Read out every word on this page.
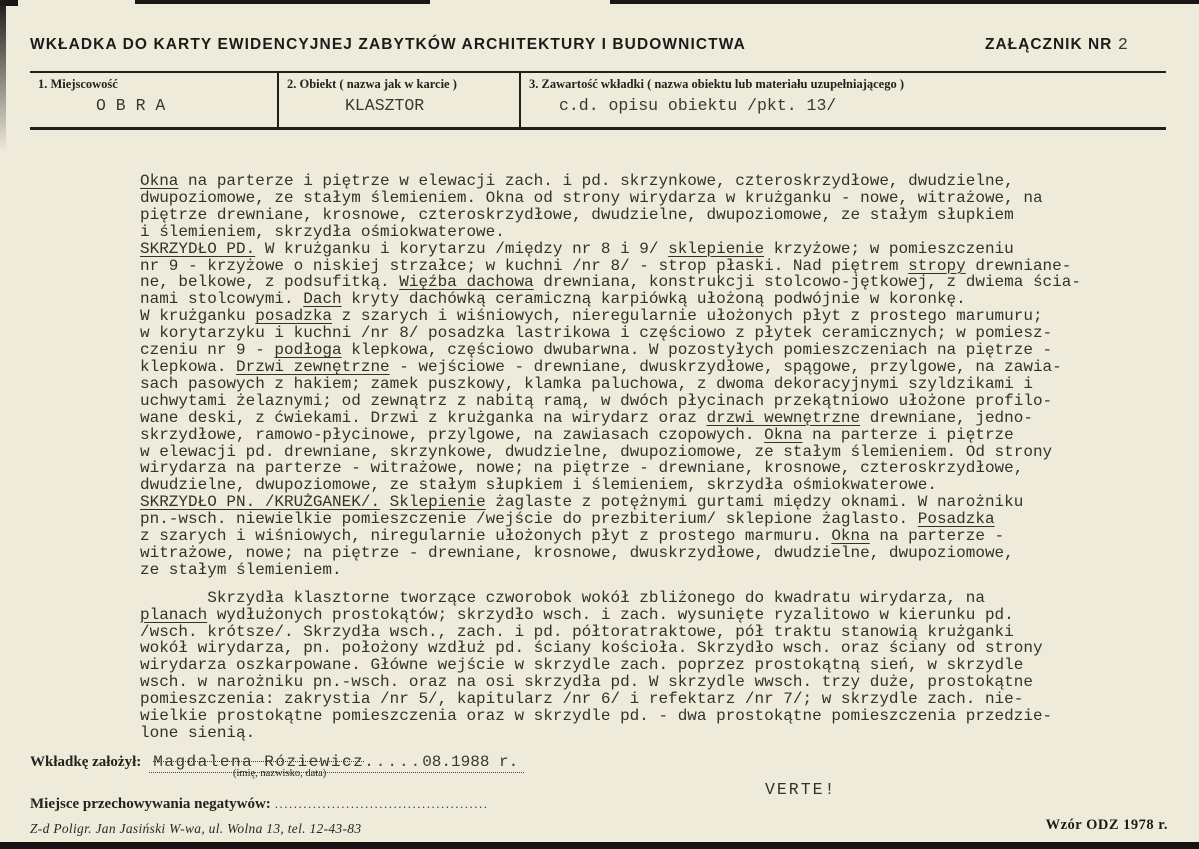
WKŁADKA DO KARTY EWIDENCYJNEJ ZABYTKÓW ARCHITEKTURY I BUDOWNICTWA	ZAŁĄCZNIK NR 2
1. Miejscowość
O B R A
2. Obiekt ( nazwa jak w karcie )
KLASZTOR
3. Zawartość wkładki ( nazwa obiektu lub materiału uzupełniającego )
c.d. opisu obiektu /pkt. 13/
Okna na parterze i piętrze w elewacji zach. i pd. skrzynkowe, czteroskrzydłowe, dwudzielne,
dwupoziomowe, ze stałym ślemieniem. Okna od strony wirydarza w krużganku - nowe, witrażowe, na
piętrze drewniane, krosnowe, czteroskrzydłowe, dwudzielne, dwupoziomowe, ze stałym słupkiem
i ślemieniem, skrzydła ośmiokwaterowe.
SKRZYDŁO PD. W krużganku i korytarzu /między nr 8 i 9/ sklepienie krzyżowe; w pomieszczeniu
nr 9 - krzyżowe o niskiej strzałce; w kuchni /nr 8/ - strop płaski. Nad piętrem stropy drewniane-
ne, belkowe, z podsufitką. Więźba dachowa drewniana, konstrukcji stolcowo-jętkowej, z dwiema ścia-
nami stolcowymi. Dach kryty dachówką ceramiczną karpiówką ułożoną podwójnie w koronkę.
W krużganku posadzka z szarych i wiśniowych, nieregularnie ułożonych płyt z prostego marumuru;
w korytarzyku i kuchni /nr 8/ posadzka lastrikowa i częściowo z płytek ceramicznych; w pomiesz-
czeniu nr 9 - podłoga klepkowa, częściowo dwubarwna. W pozostyłych pomieszczeniach na piętrze -
klepkowa. Drzwi zewnętrzne - wejściowe - drewniane, dwuskrzydłowe, spągowe, przylgowe, na zawia-
sach pasowych z hakiem; zamek puszkowy, klamka paluchowa, z dwoma dekoracyjnymi szyldzikami i
uchwytami żelaznymi; od zewnątrz z nabitą ramą, w dwóch płycinach przekątniowo ułożone profilo-
wane deski, z ćwiekami. Drzwi z krużganka na wirydarz oraz drzwi wewnętrzne drewniane, jedno-
skrzydłowe, ramowo-płycinowe, przylgowe, na zawiasach czopowych. Okna na parterze i piętrze
w elewacji pd. drewniane, skrzynkowe, dwudzielne, dwupoziomowe, ze stałym ślemieniem. Od strony
wirydarza na parterze - witrażowe, nowe; na piętrze - drewniane, krosnowe, czteroskrzydłowe,
dwudzielne, dwupoziomowe, ze stałym słupkiem i ślemieniem, skrzydła ośmiokwaterowe.
SKRZYDŁO PN. /KRUŻGANEK/. Sklepienie żaglaste z potężnymi gurtami między oknami. W narożniku
pn.-wsch. niewielkie pomieszczenie /wejście do prezbiterium/ sklepione żaglasto. Posadzka
z szarych i wiśniowych, niregularnie ułożonych płyt z prostego marmuru. Okna na parterze -
witrażowe, nowe; na piętrze - drewniane, krosnowe, dwuskrzydłowe, dwudzielne, dwupoziomowe,
ze stałym ślemieniem.
Skrzydła klasztorne tworzące czworobok wokół zbliżonego do kwadratu wirydarza, na
planach wydłużonych prostokątów; skrzydło wsch. i zach. wysunięte ryzalitowo w kierunku pd.
/wsch. krótsze/. Skrzydła wsch., zach. i pd. półtoratraktowe, pół traktu stanowią krużganki
wokół wirydarza, pn. położony wzdłuż pd. ściany kościoła. Skrzydło wsch. oraz ściany od strony
wirydarza oszkarpowane. Główne wejście w skrzydle zach. poprzez prostokątną sień, w skrzydle
wsch. w narożniku pn.-wsch. oraz na osi skrzydła pd. W skrzydle wwsch. trzy duże, prostokątne
pomieszczenia: zakrystia /nr 5/, kapitularz /nr 6/ i refektarz /nr 7/; w skrzydle zach. nie-
wielkie prostokątne pomieszczenia oraz w skrzydle pd. - dwa prostokątne pomieszczenia przedzie-
lone sienią.
Wkładkę założył: Magdalena Róziewicz.....08.1988 r.
(imię, nazwisko, data)
VERTE!
Miejsce przechowywania negatywów: .............................................
Z-d Poligr. Jan Jasiński W-wa, ul. Wolna 13, tel. 12-43-83	Wzór ODZ 1978 r.
